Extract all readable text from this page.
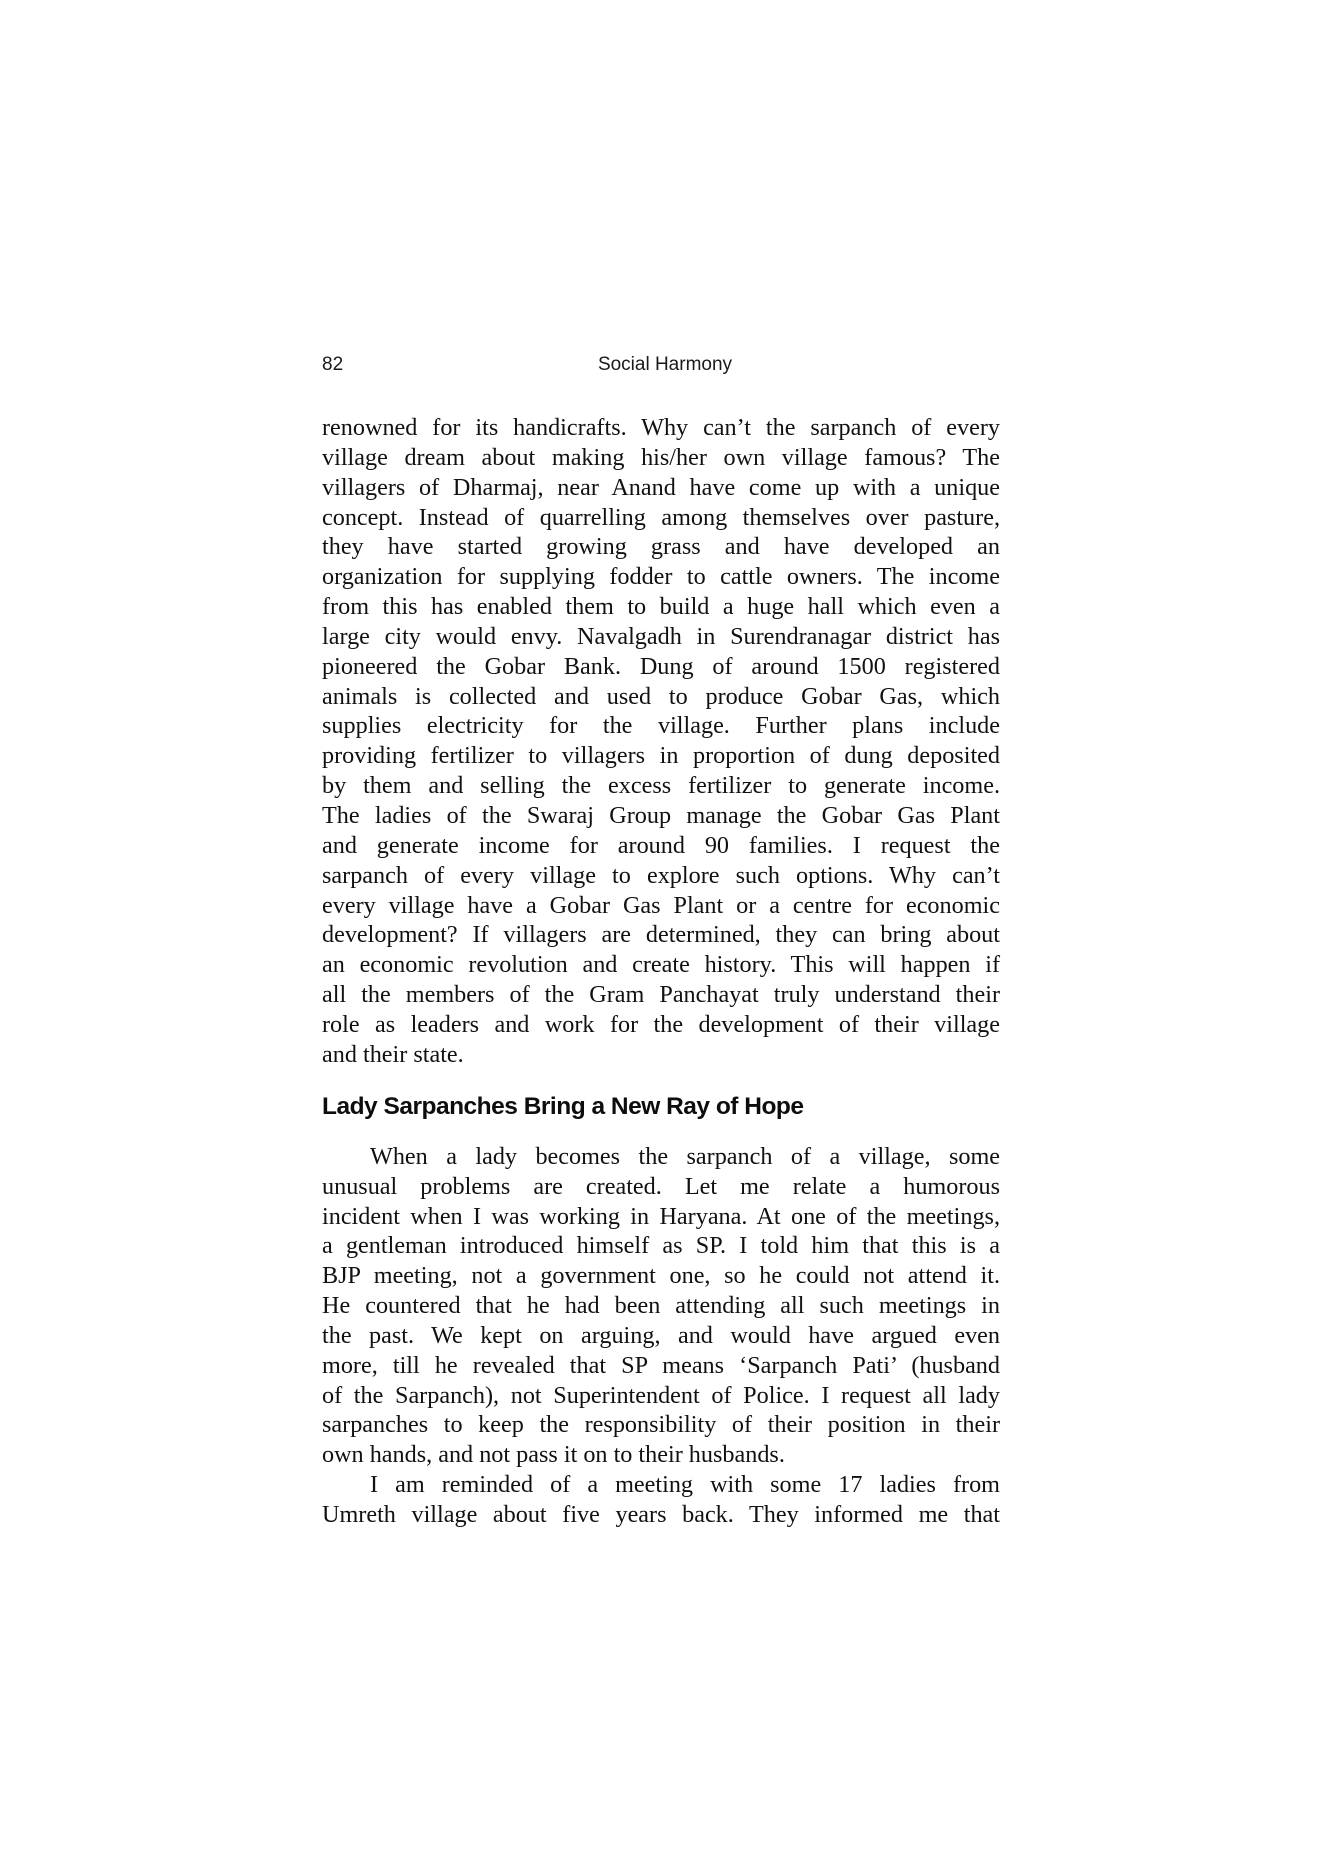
82	Social Harmony
renowned for its handicrafts. Why can’t the sarpanch of every
village dream about making his/her own village famous? The
villagers of Dharmaj, near Anand have come up with a unique
concept. Instead of quarrelling among themselves over pasture,
they have started growing grass and have developed an
organization for supplying fodder to cattle owners. The income
from this has enabled them to build a huge hall which even a
large city would envy. Navalgadh in Surendranagar district has
pioneered the Gobar Bank. Dung of around 1500 registered
animals is collected and used to produce Gobar Gas, which
supplies electricity for the village. Further plans include
providing fertilizer to villagers in proportion of dung deposited
by them and selling the excess fertilizer to generate income.
The ladies of the Swaraj Group manage the Gobar Gas Plant
and generate income for around 90 families. I request the
sarpanch of every village to explore such options. Why can’t
every village have a Gobar Gas Plant or a centre for economic
development? If villagers are determined, they can bring about
an economic revolution and create history. This will happen if
all the members of the Gram Panchayat truly understand their
role as leaders and work for the development of their village
and their state.
Lady Sarpanches Bring a New Ray of Hope
When a lady becomes the sarpanch of a village, some
unusual problems are created. Let me relate a humorous
incident when I was working in Haryana. At one of the meetings,
a gentleman introduced himself as SP. I told him that this is a
BJP meeting, not a government one, so he could not attend it.
He countered that he had been attending all such meetings in
the past. We kept on arguing, and would have argued even
more, till he revealed that SP means ‘Sarpanch Pati’ (husband
of the Sarpanch), not Superintendent of Police. I request all lady
sarpanches to keep the responsibility of their position in their
own hands, and not pass it on to their husbands.
I am reminded of a meeting with some 17 ladies from
Umreth village about five years back. They informed me that
